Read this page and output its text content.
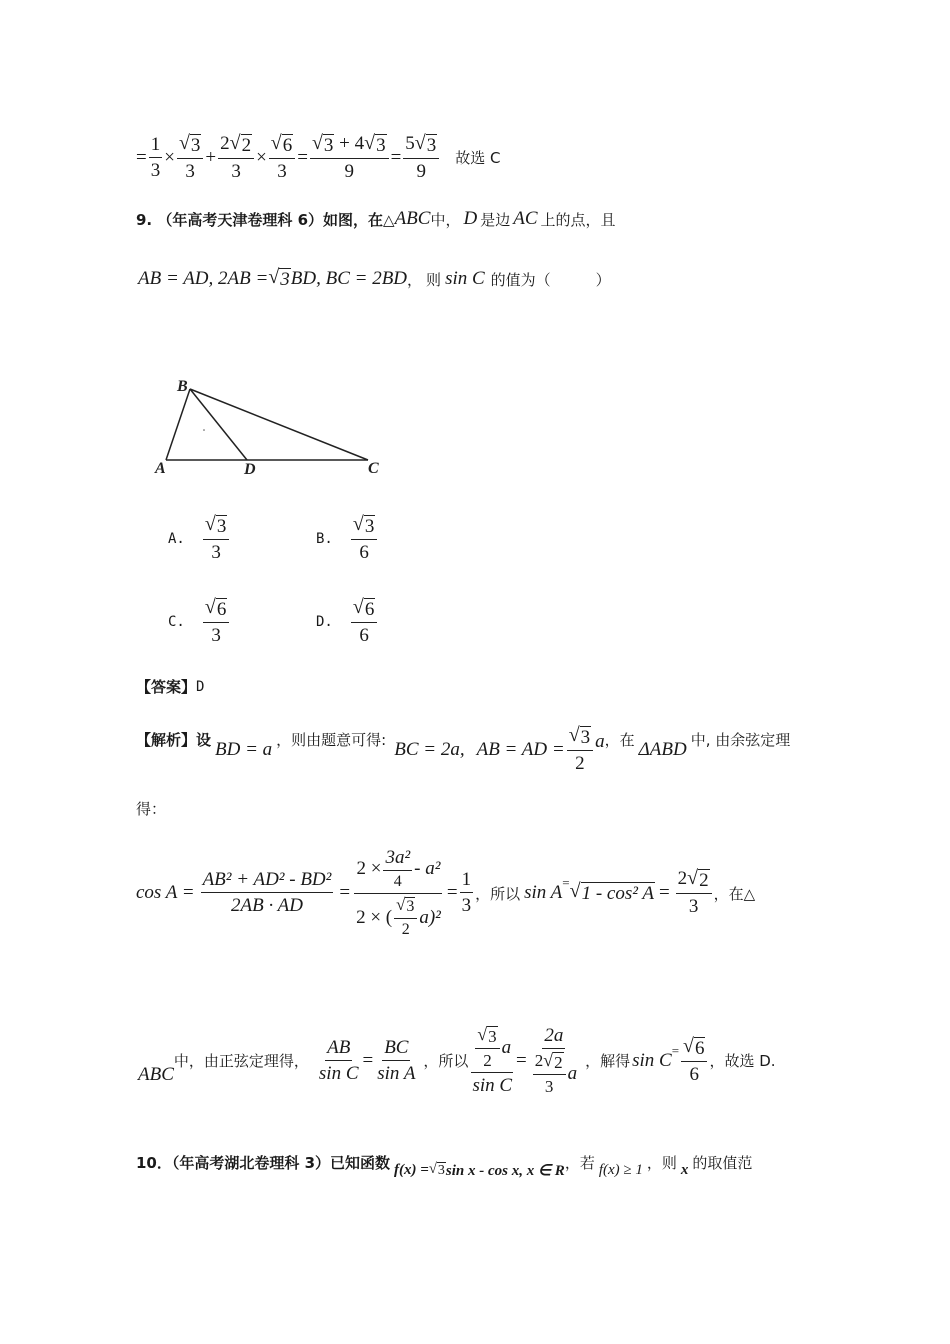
= $\frac{1}{3} \times \frac{√ 3}{3} + \frac{2 √ 2}{3} \times \frac{√ 6}{3} = \frac{√ 3 + 4 √ 3}{9} = \frac{5 √ 3}{9}$ 故选 C
9. （年高考天津卷理科 6）如图，在△ ABC 中， D 是边 AC 上的点，且
AB = AD, 2AB = √ 3 BD, BC = 2BD ， 则 sin C 的值为（　　　）
B
A	D	C
A. $\frac{√ 3}{3}$	B. $\frac{√ 3}{6}$
C. $\frac{√ 6}{3}$	D. $\frac{√ 6}{6}$
【答案】 D
【解析】设 BD = a ，则由题意可得: BC = 2a, AB = AD = $\frac{√ 3}{2}$ a ，在 ΔABD 中, 由余弦定理
得：
$\cos A = \frac{\text{AB² + AD² - BD²}}{2AB \cdot AD} = \frac{2 \times \frac{\text{3a²}}{4} - a^2}{2 \times ( \frac{√ 3}{2} a)^2} = \frac{1}{3}$ ，所以 sin A = √ 1 - cos² $A = \frac{2 √ 2}{3}$ ，在△
ABC
中，由正弦定理得， $\frac{AB}{\text{sin C}} = \frac{BC}{\text{sin A}}$ ，所以 $\frac{\frac{√ 3}{2} a}{\text{sin C}} = \frac{2a}{\frac{2 √ 2}{3} a}$ ，解得 $\sin C = \frac{√ 6}{6}$ ，故选 D.
10．（年高考湖北卷理科 3）已知函数 f(x) = √ 3 sin x - cos x, x ∈ R ，若 f(x) ≥ 1 ，则 x 的取值范
